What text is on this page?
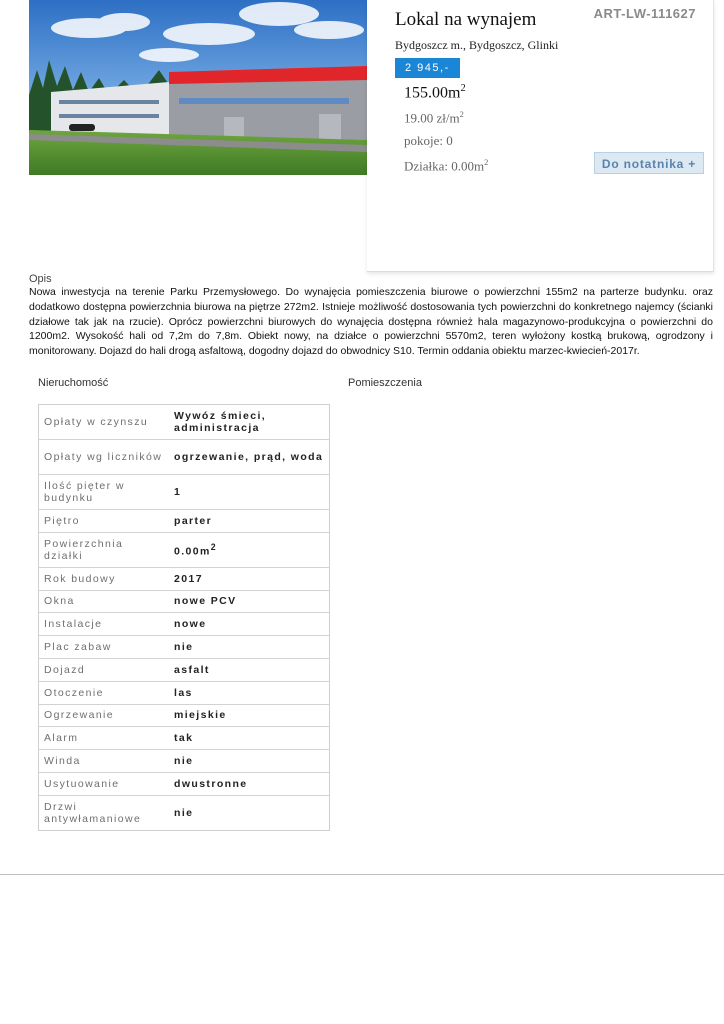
Lokal na wynajem	ART-LW-111627
Bydgoszcz m., Bydgoszcz, Glinki
2 945,-
$155.00m^2$
19.00 $zł/m^2$
pokoje: 0
Działka: $0.00m^2$	Do notatnika +
Opis

Nowa inwestycja na terenie Parku Przemysłowego. Do wynajęcia pomieszczenia biurowe o powierzchni 155m2 na parterze budynku. oraz dodatkowo dostępna powierzchnia biurowa na piętrze 272m2. Istnieje możliwość dostosowania tych powierzchni do konkretnego najemcy (ścianki działowe tak jak na rzucie). Oprócz powierzchni biurowych do wynajęcia dostępna również hala magazynowo-produkcyjna o powierzchni do 1200m2. Wysokość hali od 7,2m do 7,8m. Obiekt nowy, na działce o powierzchni 5570m2, teren wyłożony kostką brukową, ogrodzony i monitorowany. Dojazd do hali drogą asfaltową, dogodny dojazd do obwodnicy S10. Termin oddania obiektu marzec-kwiecień-2017r.

Nieruchomość	Pomieszczenia
Opłaty w czynszu	Wywóz śmieci, administracja
Opłaty wg liczników	ogrzewanie, prąd, woda
Ilość pięter w budynku	1
Piętro	parter
Powierzchnia działki	$0.00m^2$
Rok budowy	2017
Okna	nowe PCV
Instalacje	nowe
Plac zabaw	nie
Dojazd	asfalt
Otoczenie	las
Ogrzewanie	miejskie
Alarm	tak
Winda	nie
Usytuowanie	dwustronne
Drzwi antywłamaniowe	nie
